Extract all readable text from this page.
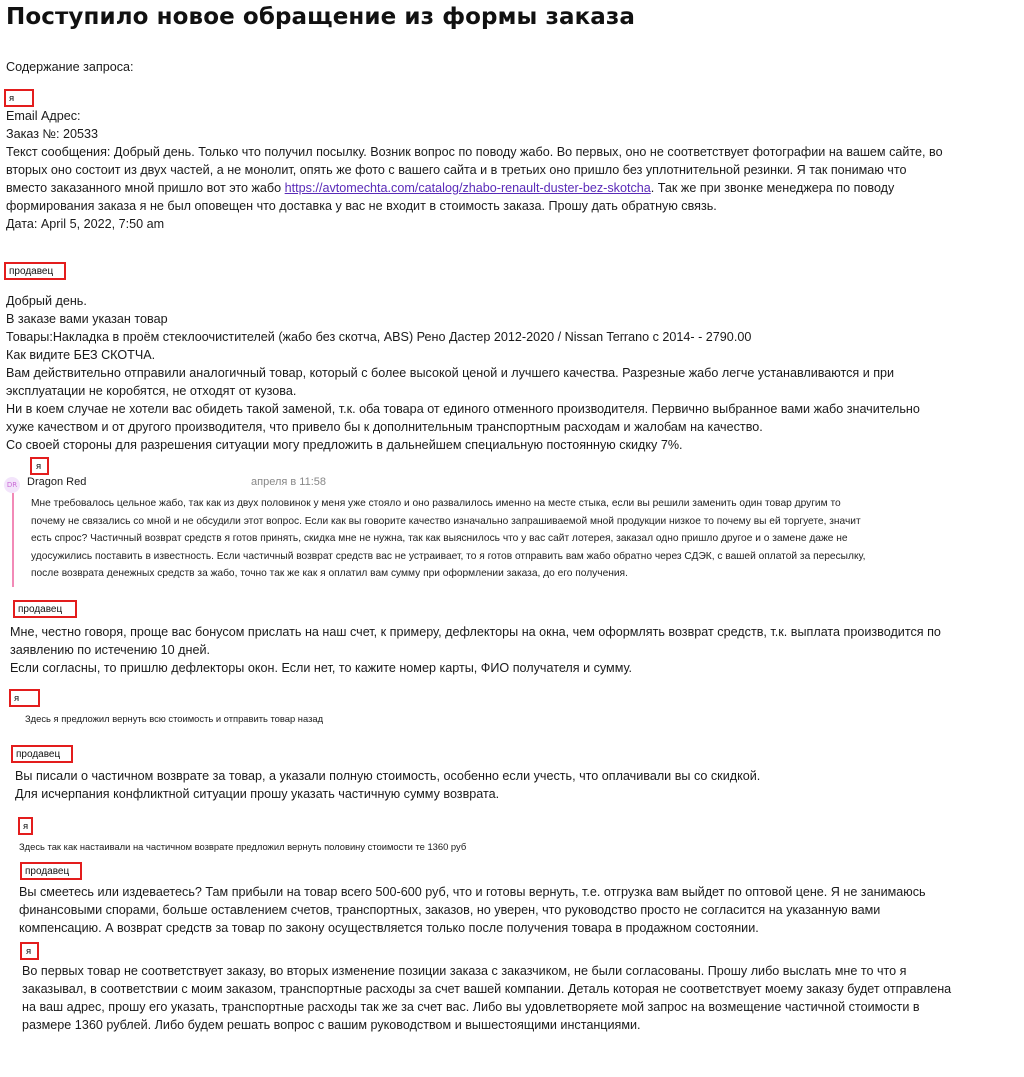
Поступило новое обращение из формы заказа
Содержание запроса:
я
Email Адрес:
Заказ №: 20533
Текст сообщения: Добрый день. Только что получил посылку. Возник вопрос по поводу жабо. Во первых, оно не соответствует фотографии на вашем сайте, во
вторых оно состоит из двух частей, а не монолит, опять же фото с вашего сайта и в третьих оно пришло без уплотнительной резинки. Я так понимаю что
вместо заказанного мной пришло вот это жабо https://avtomechta.com/catalog/zhabo-renault-duster-bez-skotcha. Так же при звонке менеджера по поводу
формирования заказа я не был оповещен что доставка у вас не входит в стоимость заказа. Прошу дать обратную связь.
Дата: April 5, 2022, 7:50 am
продавец
Добрый день.
В заказе вами указан товар
Товары:Накладка в проём стеклоочистителей (жабо без скотча, ABS) Рено Дастер 2012-2020 / Nissan Terrano с 2014- - 2790.00
Как видите БЕЗ СКОТЧА.
Вам действительно отправили аналогичный товар, который с более высокой ценой и лучшего качества. Разрезные жабо легче устанавливаются и при
эксплуатации не коробятся, не отходят от кузова.
Ни в коем случае не хотели вас обидеть такой заменой, т.к. оба товара от единого отменного производителя. Первично выбранное вами жабо значительно
хуже качеством и от другого производителя, что привело бы к дополнительным транспортным расходам и жалобам на качество.
Со своей стороны для разрешения ситуации могу предложить в дальнейшем специальную постоянную скидку 7%.
я
DR Dragon Red	апреля в 11:58
Мне требовалось цельное жабо, так как из двух половинок у меня уже стояло и оно развалилось именно на месте стыка, если вы решили заменить один товар другим то
почему не связались со мной и не обсудили этот вопрос. Если как вы говорите качество изначально запрашиваемой мной продукции низкое то почему вы ей торгуете, значит
есть спрос? Частичный возврат средств я готов принять, скидка мне не нужна, так как выяснилось что у вас сайт лотерея, заказал одно пришло другое и о замене даже не
удосужились поставить в известность. Если частичный возврат средств вас не устраивает, то я готов отправить вам жабо обратно через СДЭК, с вашей оплатой за пересылку,
после возврата денежных средств за жабо, точно так же как я оплатил вам сумму при оформлении заказа, до его получения.
продавец
Мне, честно говоря, проще вас бонусом прислать на наш счет, к примеру, дефлекторы на окна, чем оформлять возврат средств, т.к. выплата производится по
заявлению по истечению 10 дней.
Если согласны, то пришлю дефлекторы окон. Если нет, то кажите номер карты, ФИО получателя и сумму.
я
Здесь я предложил вернуть всю стоимость и отправить товар назад
продавец
Вы писали о частичном возврате за товар, а указали полную стоимость, особенно если учесть, что оплачивали вы со скидкой.
Для исчерпания конфликтной ситуации прошу указать частичную сумму возврата.
я
Здесь так как настаивали на частичном возврате предложил вернуть половину стоимости те 1360 руб
продавец
Вы смеетесь или издеваетесь? Там прибыли на товар всего 500-600 руб, что и готовы вернуть, т.е. отгрузка вам выйдет по оптовой цене. Я не занимаюсь
финансовыми спорами, больше оставлением счетов, транспортных, заказов, но уверен, что руководство просто не согласится на указанную вами
компенсацию. А возврат средств за товар по закону осуществляется только после получения товара в продажном состоянии.
я
Во первых товар не соответствует заказу, во вторых изменение позиции заказа с заказчиком, не были согласованы. Прошу либо выслать мне то что я
заказывал, в соответствии с моим заказом, транспортные расходы за счет вашей компании. Деталь которая не соответствует моему заказу будет отправлена
на ваш адрес, прошу его указать, транспортные расходы так же за счет вас. Либо вы удовлетворяете мой запрос на возмещение частичной стоимости в
размере 1360 рублей. Либо будем решать вопрос с вашим руководством и вышестоящими инстанциями.
